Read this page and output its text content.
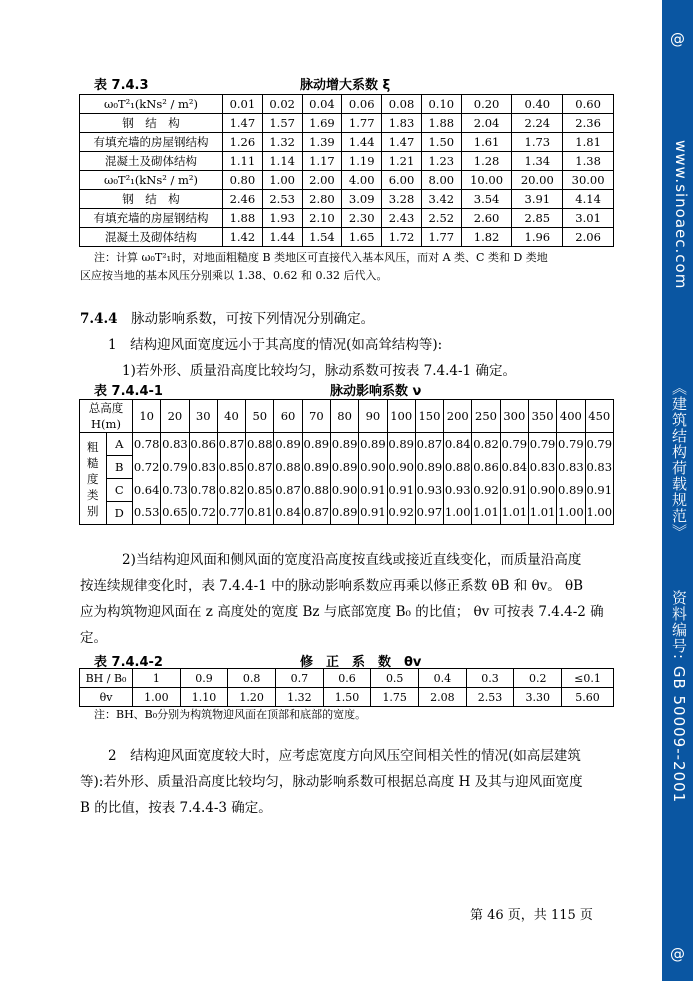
@
www.sinoaec.com
《建筑结构荷载规范》
资料编号: GB 50009--2001
@
表 7.4.3	脉动增大系数 ξ
ω₀T²₁(kNs² / m²)	0.01	0.02	0.04	0.06	0.08	0.10	0.20	0.40	0.60
钢　结　构	1.47	1.57	1.69	1.77	1.83	1.88	2.04	2.24	2.36
有填充墙的房屋钢结构	1.26	1.32	1.39	1.44	1.47	1.50	1.61	1.73	1.81
混凝土及砌体结构	1.11	1.14	1.17	1.19	1.21	1.23	1.28	1.34	1.38
ω₀T²₁(kNs² / m²)	0.80	1.00	2.00	4.00	6.00	8.00	10.00	20.00	30.00
钢　结　构	2.46	2.53	2.80	3.09	3.28	3.42	3.54	3.91	4.14
有填充墙的房屋钢结构	1.88	1.93	2.10	2.30	2.43	2.52	2.60	2.85	3.01
混凝土及砌体结构	1.42	1.44	1.54	1.65	1.72	1.77	1.82	1.96	2.06
注：计算 ω₀T²₁时，对地面粗糙度 B 类地区可直接代入基本风压，而对 A 类、C 类和 D 类地
区应按当地的基本风压分别乘以 1.38、0.62 和 0.32 后代入。
7.4.4　 脉动影响系数，可按下列情况分别确定。
1　结构迎风面宽度远小于其高度的情况(如高耸结构等):
1)若外形、质量沿高度比较均匀，脉动系数可按表 7.4.4-1 确定。
表 7.4.4-1	脉动影响系数 ν
总高度 H(m)		10	20	30	40	50	60	70	80	90	100	150	200	250	300	350	400	450

粗
糙
度
类
别	A	0.78	0.83	0.86	0.87	0.88	0.89	0.89	0.89	0.89	0.89	0.87	0.84	0.82	0.79	0.79	0.79	0.79
	B	0.72	0.79	0.83	0.85	0.87	0.88	0.89	0.89	0.90	0.90	0.89	0.88	0.86	0.84	0.83	0.83	0.83
	C	0.64	0.73	0.78	0.82	0.85	0.87	0.88	0.90	0.91	0.91	0.93	0.93	0.92	0.91	0.90	0.89	0.91
	D	0.53	0.65	0.72	0.77	0.81	0.84	0.87	0.89	0.91	0.92	0.97	1.00	1.01	1.01	1.01	1.00	1.00
2)当结构迎风面和侧风面的宽度沿高度按直线或接近直线变化，而质量沿高度
按连续规律变化时，表 7.4.4-1 中的脉动影响系数应再乘以修正系数 θB 和 θv。 θB
应为构筑物迎风面在 z 高度处的宽度 Bz 与底部宽度 B₀ 的比值； θv 可按表 7.4.4-2 确
定。
表 7.4.4-2	修　正　系　数　θv
BH / B₀	1	0.9	0.8	0.7	0.6	0.5	0.4	0.3	0.2	≤0.1
θv	1.00	1.10	1.20	1.32	1.50	1.75	2.08	2.53	3.30	5.60
注：BH、B₀分别为构筑物迎风面在顶部和底部的宽度。
2　结构迎风面宽度较大时，应考虑宽度方向风压空间相关性的情况(如高层建筑
等):若外形、质量沿高度比较均匀，脉动影响系数可根据总高度 H 及其与迎风面宽度
B 的比值，按表 7.4.4-3 确定。
第 46 页，共 115 页
